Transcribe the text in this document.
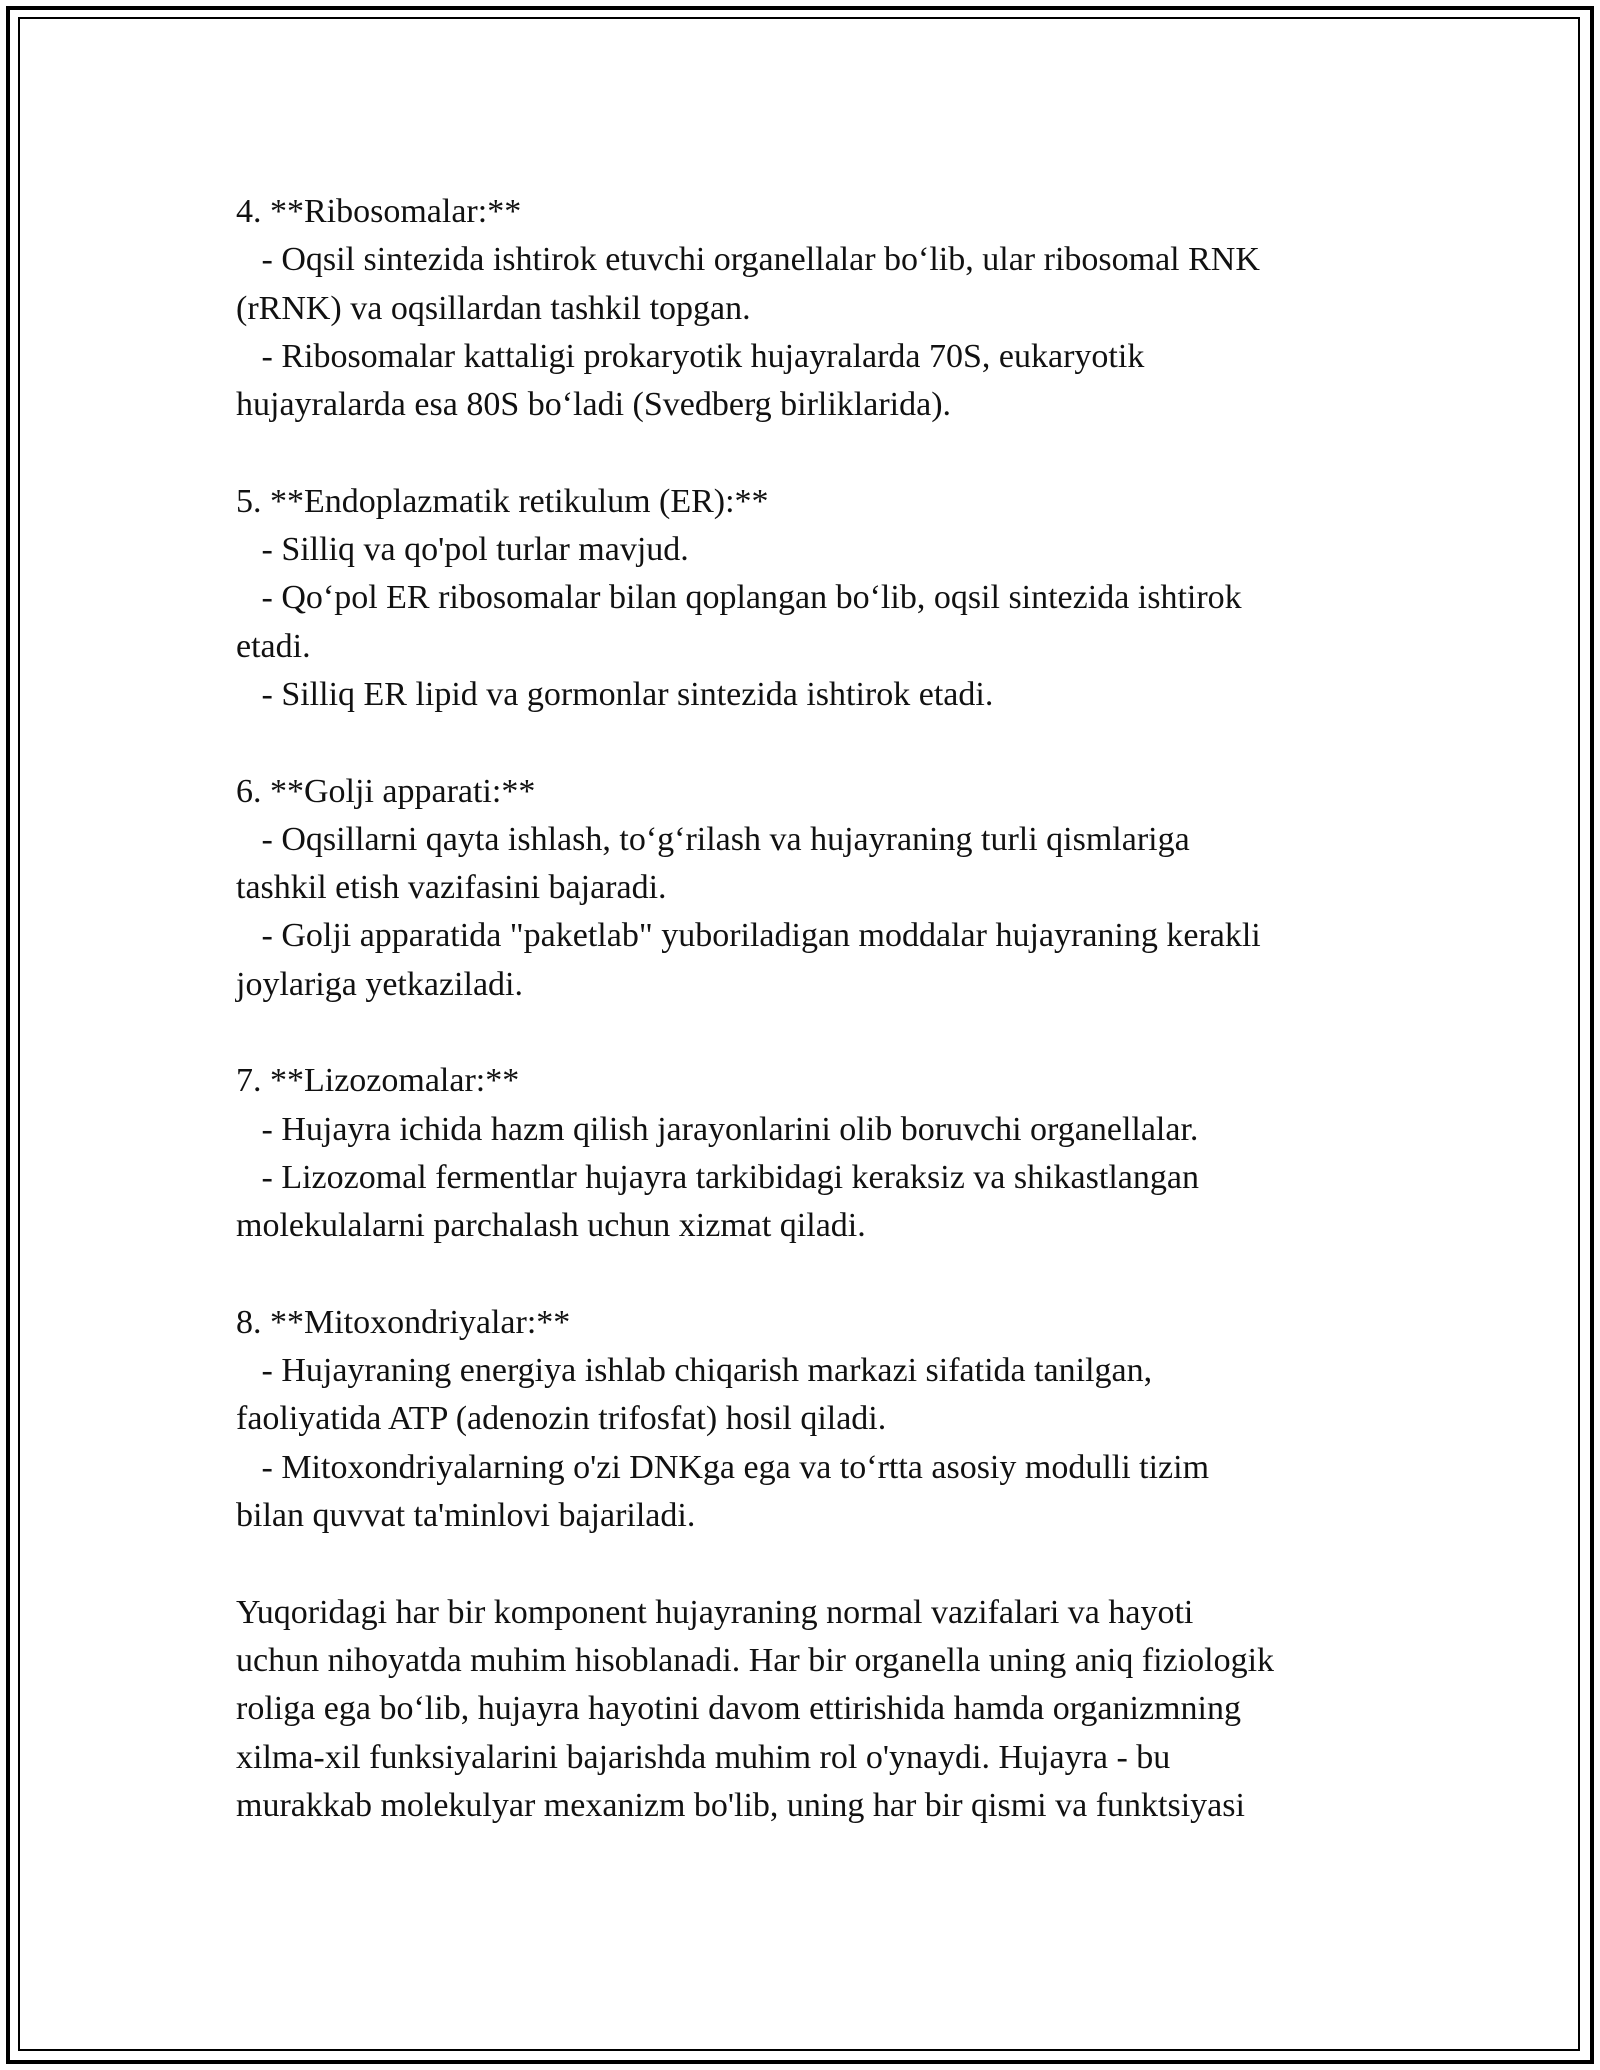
4. **Ribosomalar:**
- Oqsil sintezida ishtirok etuvchi organellalar bo‘lib, ular ribosomal RNK
(rRNK) va oqsillardan tashkil topgan.
- Ribosomalar kattaligi prokaryotik hujayralarda 70S, eukaryotik
hujayralarda esa 80S bo‘ladi (Svedberg birliklarida).
5. **Endoplazmatik retikulum (ER):**
- Silliq va qo'pol turlar mavjud.
- Qo‘pol ER ribosomalar bilan qoplangan bo‘lib, oqsil sintezida ishtirok
etadi.
- Silliq ER lipid va gormonlar sintezida ishtirok etadi.
6. **Golji apparati:**
- Oqsillarni qayta ishlash, to‘g‘rilash va hujayraning turli qismlariga
tashkil etish vazifasini bajaradi.
- Golji apparatida "paketlab" yuboriladigan moddalar hujayraning kerakli
joylariga yetkaziladi.
7. **Lizozomalar:**
- Hujayra ichida hazm qilish jarayonlarini olib boruvchi organellalar.
- Lizozomal fermentlar hujayra tarkibidagi keraksiz va shikastlangan
molekulalarni parchalash uchun xizmat qiladi.
8. **Mitoxondriyalar:**
- Hujayraning energiya ishlab chiqarish markazi sifatida tanilgan,
faoliyatida ATP (adenozin trifosfat) hosil qiladi.
- Mitoxondriyalarning o'zi DNKga ega va to‘rtta asosiy modulli tizim
bilan quvvat ta'minlovi bajariladi.
Yuqoridagi har bir komponent hujayraning normal vazifalari va hayoti
uchun nihoyatda muhim hisoblanadi. Har bir organella uning aniq fiziologik
roliga ega bo‘lib, hujayra hayotini davom ettirishida hamda organizmning
xilma-xil funksiyalarini bajarishda muhim rol o'ynaydi. Hujayra - bu
murakkab molekulyar mexanizm bo'lib, uning har bir qismi va funktsiyasi
